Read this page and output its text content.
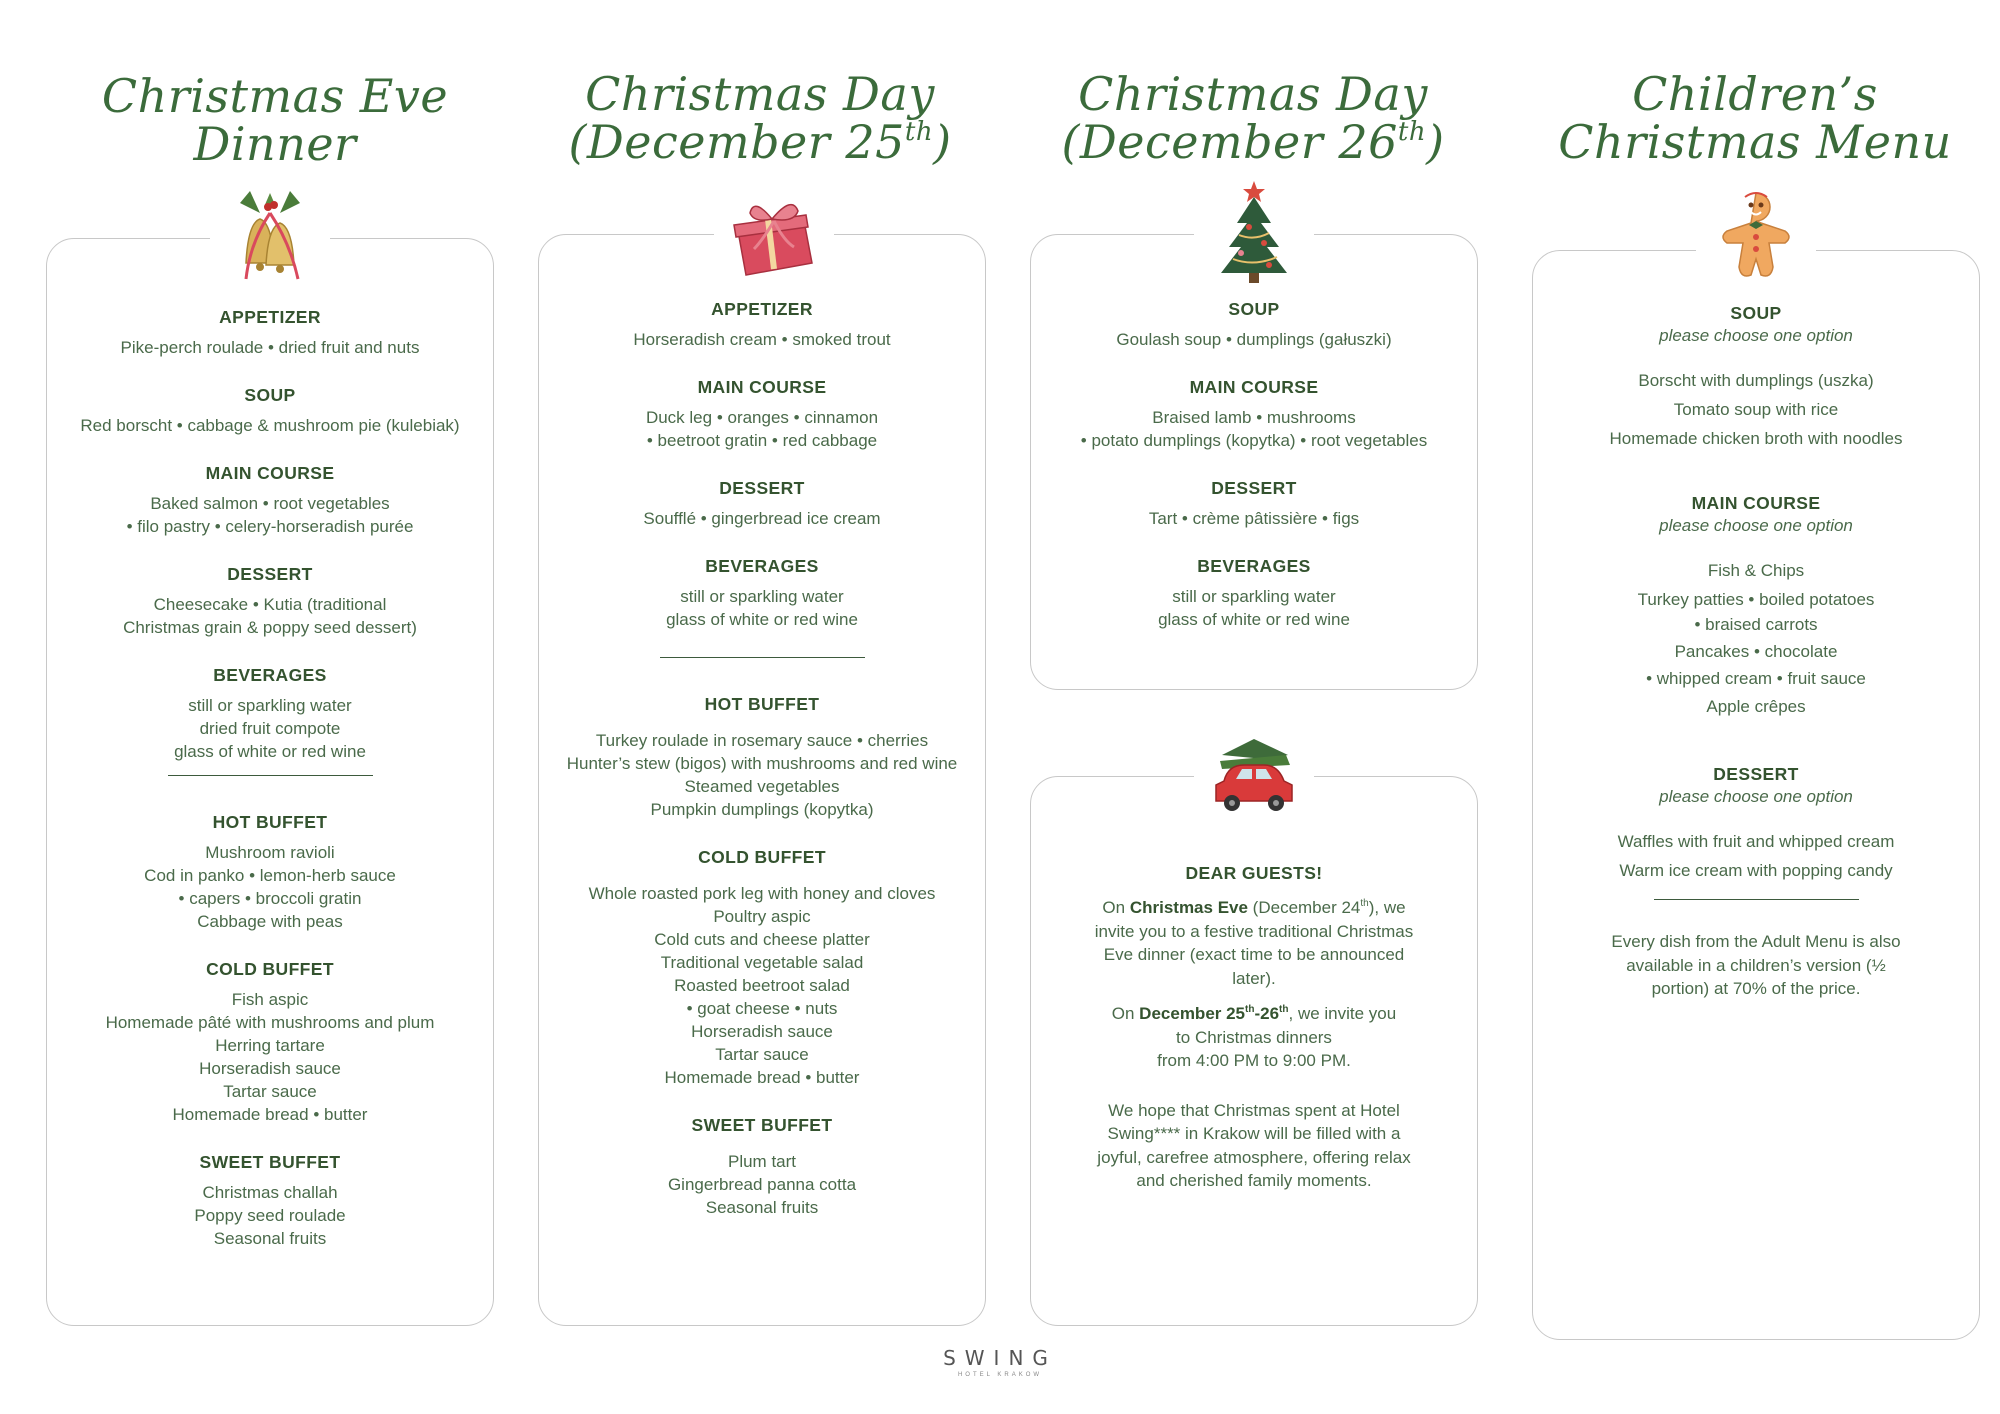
Christmas Eve
Dinner
APPETIZER
Pike-perch roulade • dried fruit and nuts
SOUP
Red borscht • cabbage & mushroom pie (kulebiak)
MAIN COURSE
Baked salmon • root vegetables
• filo pastry • celery-horseradish purée
DESSERT
Cheesecake • Kutia (traditional
Christmas grain & poppy seed dessert)
BEVERAGES
still or sparkling water
dried fruit compote
glass of white or red wine
HOT BUFFET
Mushroom ravioli
Cod in panko • lemon-herb sauce
• capers • broccoli gratin
Cabbage with peas
COLD BUFFET
Fish aspic
Homemade pâté with mushrooms and plum
Herring tartare
Horseradish sauce
Tartar sauce
Homemade bread • butter
SWEET BUFFET
Christmas challah
Poppy seed roulade
Seasonal fruits
Christmas Day
(December 25th)
APPETIZER
Horseradish cream • smoked trout
MAIN COURSE
Duck leg • oranges • cinnamon
• beetroot gratin • red cabbage
DESSERT
Soufflé • gingerbread ice cream
BEVERAGES
still or sparkling water
glass of white or red wine
HOT BUFFET
Turkey roulade in rosemary sauce • cherries
Hunter’s stew (bigos) with mushrooms and red wine
Steamed vegetables
Pumpkin dumplings (kopytka)
COLD BUFFET
Whole roasted pork leg with honey and cloves
Poultry aspic
Cold cuts and cheese platter
Traditional vegetable salad
Roasted beetroot salad
• goat cheese • nuts
Horseradish sauce
Tartar sauce
Homemade bread • butter
SWEET BUFFET
Plum tart
Gingerbread panna cotta
Seasonal fruits
Christmas Day
(December 26th)
SOUP
Goulash soup • dumplings (gałuszki)
MAIN COURSE
Braised lamb • mushrooms
• potato dumplings (kopytka) • root vegetables
DESSERT
Tart • crème pâtissière • figs
BEVERAGES
still or sparkling water
glass of white or red wine
DEAR GUESTS!
On Christmas Eve (December 24th), we invite you to a festive traditional Christmas Eve dinner (exact time to be announced later).
On December 25th-26th, we invite you
to Christmas dinners
from 4:00 PM to 9:00 PM.
We hope that Christmas spent at Hotel Swing**** in Krakow will be filled with a joyful, carefree atmosphere, offering relax and cherished family moments.
Children’s
Christmas Menu
SOUP
please choose one option
Borscht with dumplings (uszka)
Tomato soup with rice
Homemade chicken broth with noodles
MAIN COURSE
please choose one option
Fish & Chips
Turkey patties • boiled potatoes
• braised carrots
Pancakes • chocolate
• whipped cream • fruit sauce
Apple crêpes
DESSERT
please choose one option
Waffles with fruit and whipped cream
Warm ice cream with popping candy
Every dish from the Adult Menu is also available in a children’s version (½ portion) at 70% of the price.
SWING
HOTEL KRAKOW
